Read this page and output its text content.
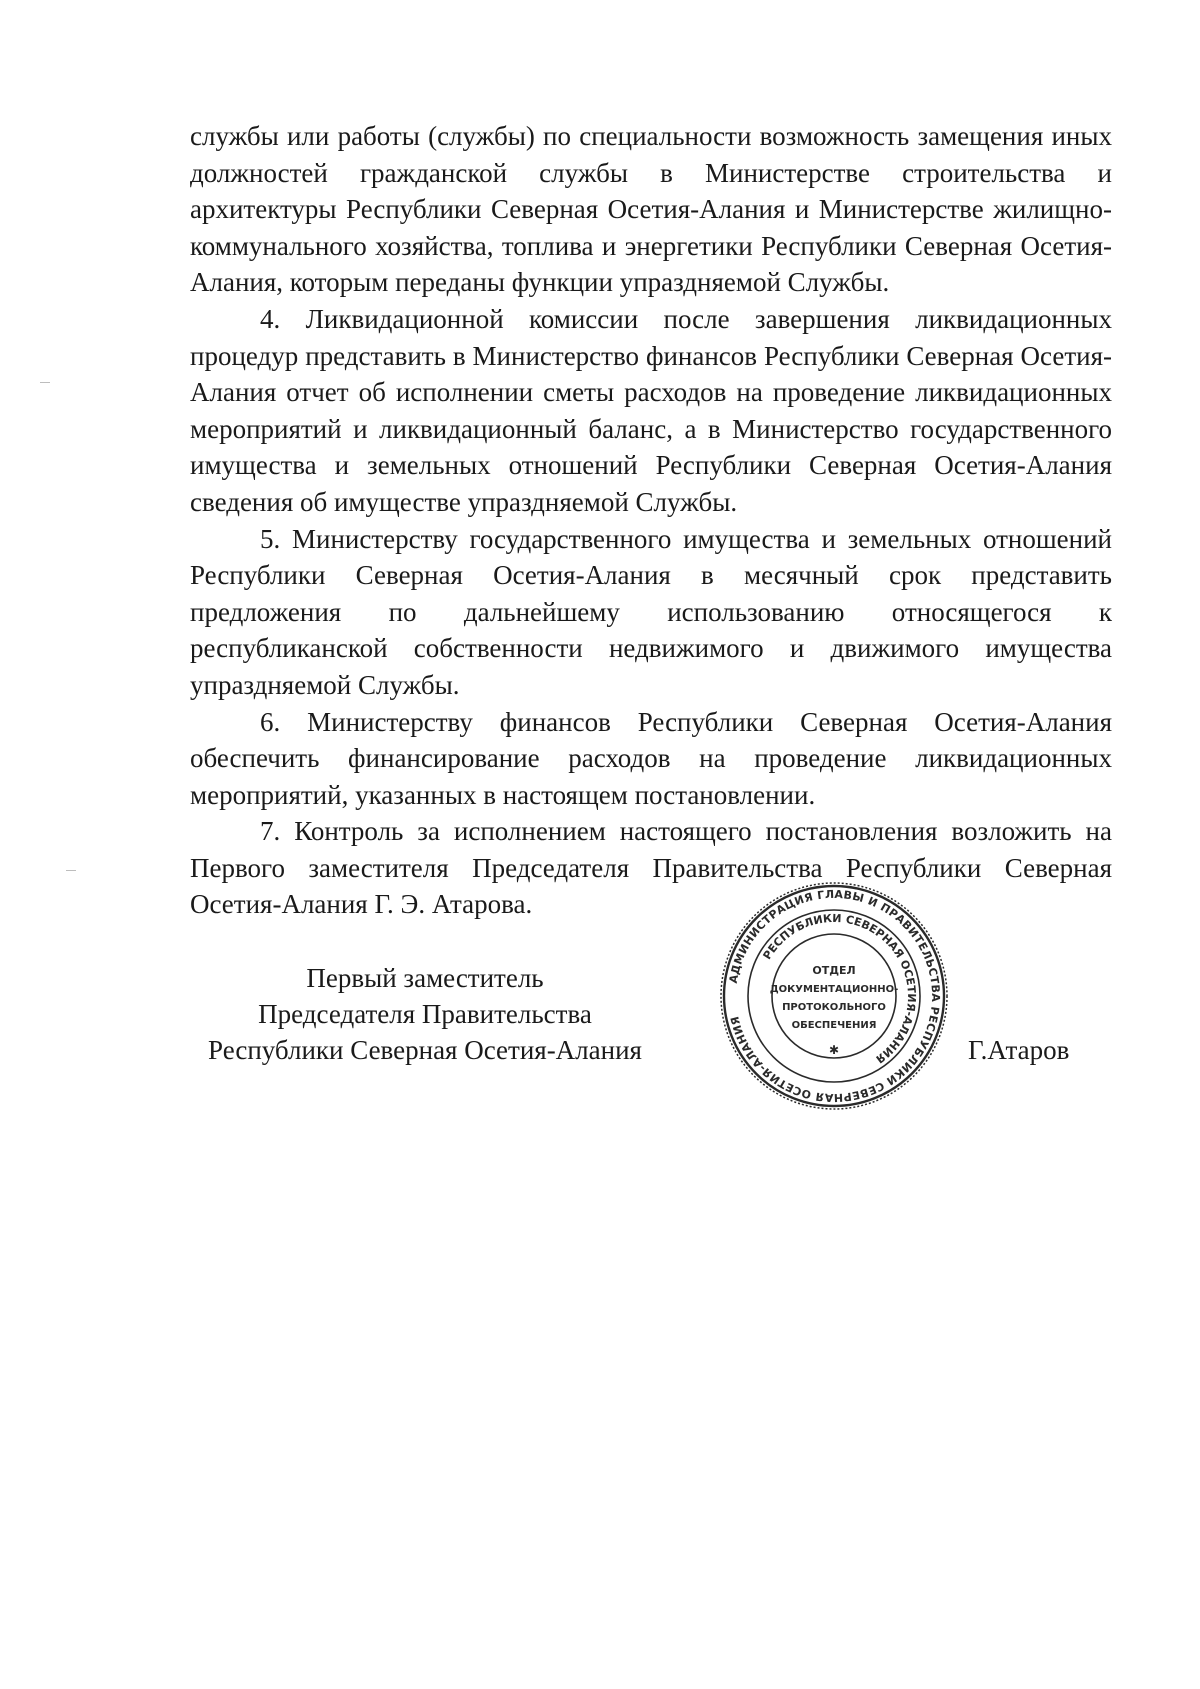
службы или работы (службы) по специальности возможность замещения иных должностей гражданской службы в Министерстве строительства и архитектуры Республики Северная Осетия-Алания и Министерстве жилищно-коммунального хозяйства, топлива и энергетики Республики Северная Осетия-Алания, которым переданы функции упраздняемой Службы.

4. Ликвидационной комиссии после завершения ликвидационных процедур представить в Министерство финансов Республики Северная Осетия-Алания отчет об исполнении сметы расходов на проведение ликвидационных мероприятий и ликвидационный баланс, а в Министерство государственного имущества и земельных отношений Республики Северная Осетия-Алания сведения об имуществе упраздняемой Службы.

5. Министерству государственного имущества и земельных отношений Республики Северная Осетия-Алания в месячный срок представить предложения по дальнейшему использованию относящегося к республиканской собственности недвижимого и движимого имущества упраздняемой Службы.

6. Министерству финансов Республики Северная Осетия-Алания обеспечить финансирование расходов на проведение ликвидационных мероприятий, указанных в настоящем постановлении.

7. Контроль за исполнением настоящего постановления возложить на Первого заместителя Председателя Правительства Республики Северная Осетия-Алания Г. Э. Атарова.

Первый заместитель
Председателя Правительства
Республики Северная Осетия-Алания
АДМИНИСТРАЦИЯ ГЛАВЫ И ПРАВИТЕЛЬСТВА РЕСПУБЛИКИ СЕВЕРНАЯ ОСЕТИЯ-АЛАНИЯ
РЕСПУБЛИКИ СЕВЕРНАЯ ОСЕТИЯ-АЛАНИЯ
ОТДЕЛ
ДОКУМЕНТАЦИОННО-
ПРОТОКОЛЬНОГО
ОБЕСПЕЧЕНИЯ
✱	Г.Атаров
